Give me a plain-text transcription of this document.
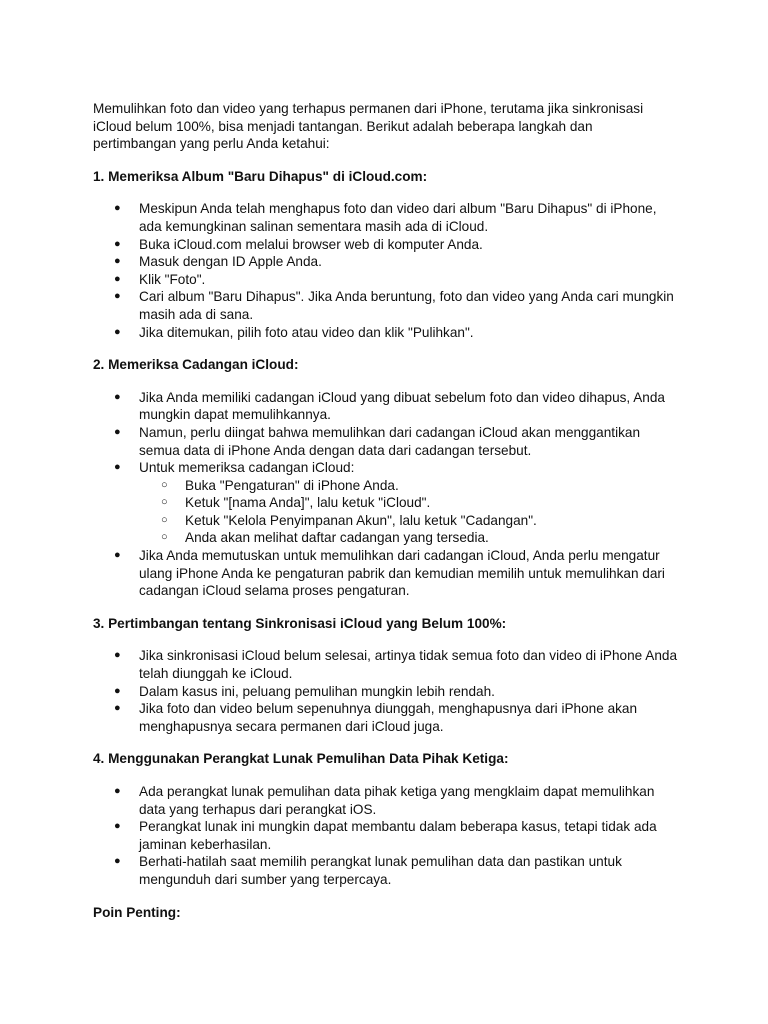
Memulihkan foto dan video yang terhapus permanen dari iPhone, terutama jika sinkronisasi iCloud belum 100%, bisa menjadi tantangan. Berikut adalah beberapa langkah dan pertimbangan yang perlu Anda ketahui:

1. Memeriksa Album "Baru Dihapus" di iCloud.com:
● Meskipun Anda telah menghapus foto dan video dari album "Baru Dihapus" di iPhone, ada kemungkinan salinan sementara masih ada di iCloud.
● Buka iCloud.com melalui browser web di komputer Anda.
● Masuk dengan ID Apple Anda.
● Klik "Foto".
● Cari album "Baru Dihapus". Jika Anda beruntung, foto dan video yang Anda cari mungkin masih ada di sana.
● Jika ditemukan, pilih foto atau video dan klik "Pulihkan".
2. Memeriksa Cadangan iCloud:
● Jika Anda memiliki cadangan iCloud yang dibuat sebelum foto dan video dihapus, Anda mungkin dapat memulihkannya.
● Namun, perlu diingat bahwa memulihkan dari cadangan iCloud akan menggantikan semua data di iPhone Anda dengan data dari cadangan tersebut.
● Untuk memeriksa cadangan iCloud:
○ Buka "Pengaturan" di iPhone Anda.
○ Ketuk "[nama Anda]", lalu ketuk "iCloud".
○ Ketuk "Kelola Penyimpanan Akun", lalu ketuk "Cadangan".
○ Anda akan melihat daftar cadangan yang tersedia.
● Jika Anda memutuskan untuk memulihkan dari cadangan iCloud, Anda perlu mengatur ulang iPhone Anda ke pengaturan pabrik dan kemudian memilih untuk memulihkan dari cadangan iCloud selama proses pengaturan.
3. Pertimbangan tentang Sinkronisasi iCloud yang Belum 100%:
● Jika sinkronisasi iCloud belum selesai, artinya tidak semua foto dan video di iPhone Anda telah diunggah ke iCloud.
● Dalam kasus ini, peluang pemulihan mungkin lebih rendah.
● Jika foto dan video belum sepenuhnya diunggah, menghapusnya dari iPhone akan menghapusnya secara permanen dari iCloud juga.
4. Menggunakan Perangkat Lunak Pemulihan Data Pihak Ketiga:
● Ada perangkat lunak pemulihan data pihak ketiga yang mengklaim dapat memulihkan data yang terhapus dari perangkat iOS.
● Perangkat lunak ini mungkin dapat membantu dalam beberapa kasus, tetapi tidak ada jaminan keberhasilan.
● Berhati-hatilah saat memilih perangkat lunak pemulihan data dan pastikan untuk mengunduh dari sumber yang terpercaya.
Poin Penting:
